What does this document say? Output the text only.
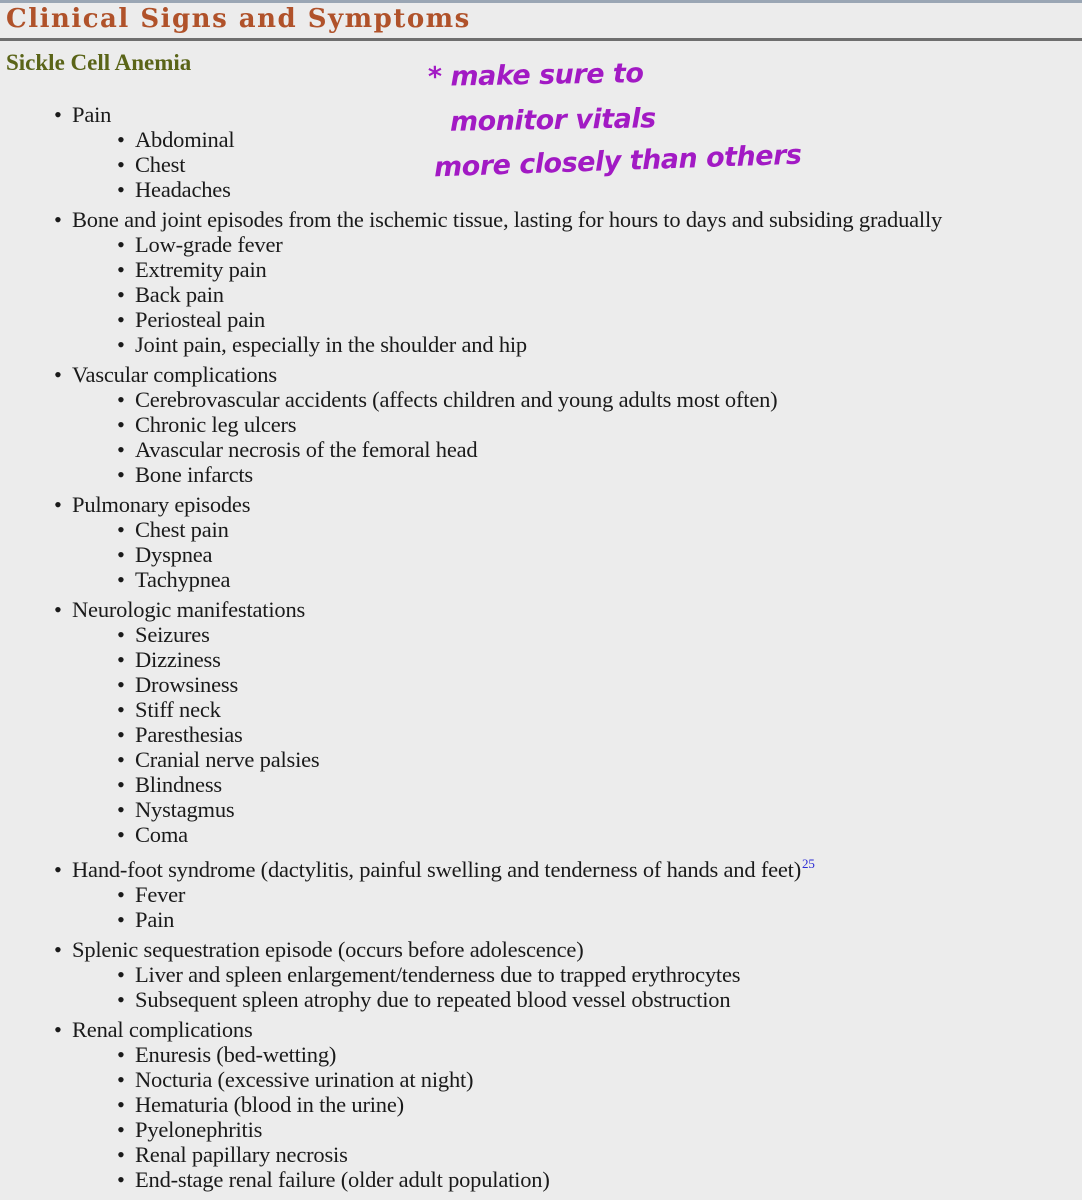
Clinical Signs and Symptoms
Sickle Cell Anemia	* make sure to
monitor vitals
more closely than others
• Pain
• Abdominal
• Chest
• Headaches
• Bone and joint episodes from the ischemic tissue, lasting for hours to days and subsiding gradually
• Low-grade fever
• Extremity pain
• Back pain
• Periosteal pain
• Joint pain, especially in the shoulder and hip
• Vascular complications
• Cerebrovascular accidents (affects children and young adults most often)
• Chronic leg ulcers
• Avascular necrosis of the femoral head
• Bone infarcts
• Pulmonary episodes
• Chest pain
• Dyspnea
• Tachypnea
• Neurologic manifestations
• Seizures
• Dizziness
• Drowsiness
• Stiff neck
• Paresthesias
• Cranial nerve palsies
• Blindness
• Nystagmus
• Coma
• Hand-foot syndrome (dactylitis, painful swelling and tenderness of hands and feet)$^{25}$
• Fever
• Pain
• Splenic sequestration episode (occurs before adolescence)
• Liver and spleen enlargement/tenderness due to trapped erythrocytes
• Subsequent spleen atrophy due to repeated blood vessel obstruction
• Renal complications
• Enuresis (bed-wetting)
• Nocturia (excessive urination at night)
• Hematuria (blood in the urine)
• Pyelonephritis
• Renal papillary necrosis
• End-stage renal failure (older adult population)
